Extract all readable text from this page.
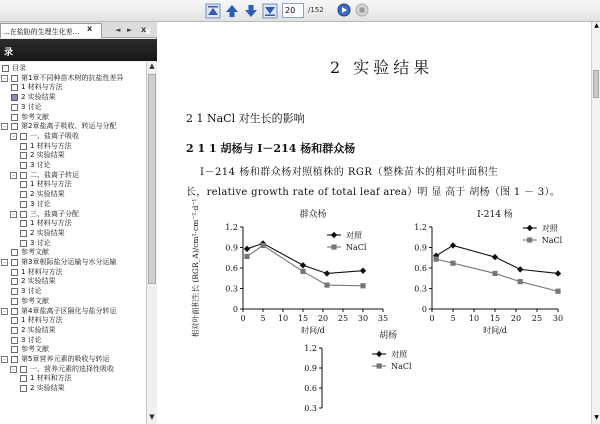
20
/152
...在盐胁的生理生化差... x	◄ ► x
录
x
目录
- 第1章不同种苗木树的抗盐性差异
1 材料与方法
2 实验结果
3 讨论
参考文献
- 第2章盐离子吸收、转运与分配
- 一、盐离子吸收
1 材料与方法
2 实验结果
3 讨论
- 二、盐离子转运
1 材料与方法
2 实验结果
3 讨论
- 三、盐离子分配
1 材料与方法
2 实验结果
3 讨论
参考文献
- 第3章根际盐分运输与水分运输
1 材料与方法
2 实验结果
3 讨论
参考文献
- 第4章盐离子区隔化与盐分转运
1 材料与方法
2 实验结果
3 讨论
参考文献
- 第5章营养元素的吸收与转运
- 一、营养元素的选择性吸收
1 材料和方法
2 实验结果
▲
▼
▲
▼
2 实验结果
2 1 NaCl 对生长的影响
2 1 1 胡杨与 I－214 杨和群众杨
I－214 杨和群众杨对照植株的 RGR（整株苗木的相对叶面积生
长，relative growth rate of total leaf area）明 显 高于 胡杨（图 1 － 3）。
群众杨
0
0.3
0.6
0.9
1.2
0 5 10 15 20 25 30 35
时间/d
对照
NaCl
I-214 杨
0
0.3
0.6
0.9
1.2
0 5 10 15 20 25 30
时间/d
对照
NaCl
胡杨
0.3
0.6
0.9
1.2
对照
NaCl
相对叶面积生长 (RGR_A)/cm²·cm⁻²·d⁻¹
